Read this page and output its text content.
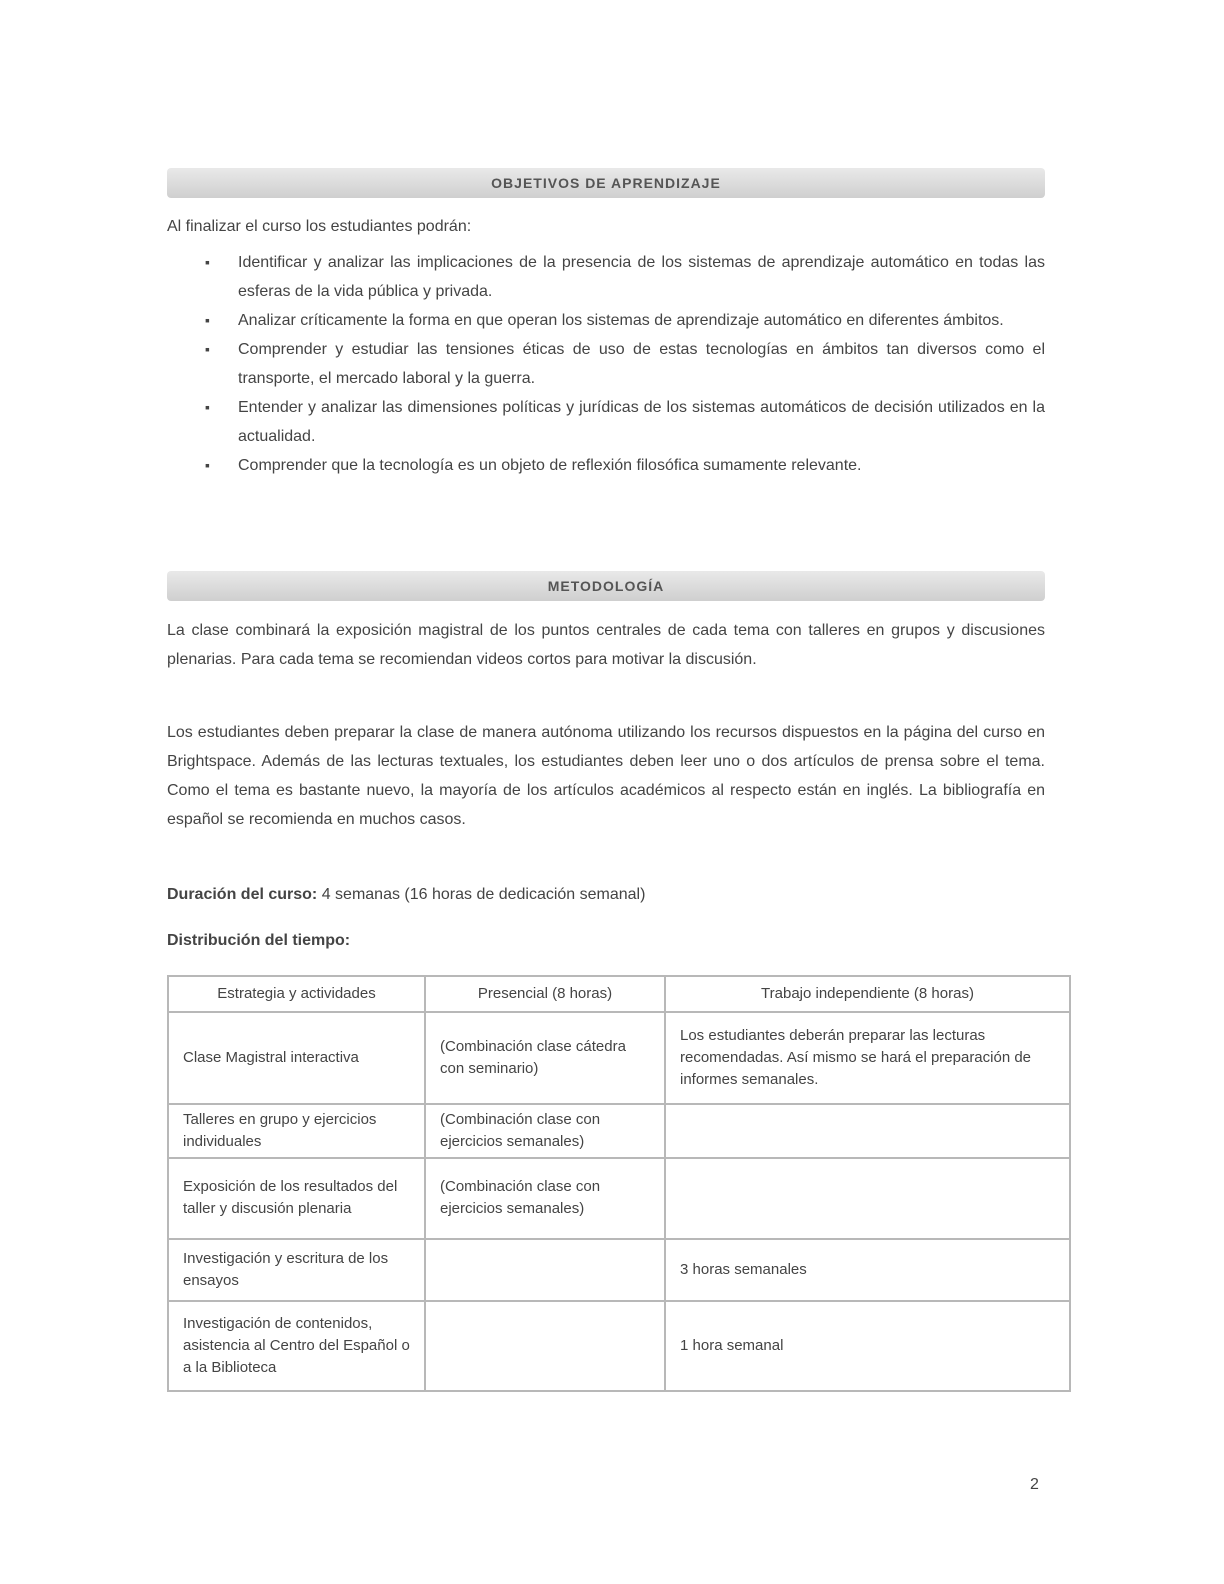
OBJETIVOS DE APRENDIZAJE

Al finalizar el curso los estudiantes podrán:

▪ Identificar y analizar las implicaciones de la presencia de los sistemas de aprendizaje automático en todas las esferas de la vida pública y privada.
▪ Analizar críticamente la forma en que operan los sistemas de aprendizaje automático en diferentes ámbitos.
▪ Comprender y estudiar las tensiones éticas de uso de estas tecnologías en ámbitos tan diversos como el transporte, el mercado laboral y la guerra.
▪ Entender y analizar las dimensiones políticas y jurídicas de los sistemas automáticos de decisión utilizados en la actualidad.
▪ Comprender que la tecnología es un objeto de reflexión filosófica sumamente relevante.
METODOLOGÍA

La clase combinará la exposición magistral de los puntos centrales de cada tema con talleres en grupos y discusiones plenarias. Para cada tema se recomiendan videos cortos para motivar la discusión.

Los estudiantes deben preparar la clase de manera autónoma utilizando los recursos dispuestos en la página del curso en Brightspace. Además de las lecturas textuales, los estudiantes deben leer uno o dos artículos de prensa sobre el tema. Como el tema es bastante nuevo, la mayoría de los artículos académicos al respecto están en inglés. La bibliografía en español se recomienda en muchos casos.

Duración del curso: 4 semanas (16 horas de dedicación semanal)

Distribución del tiempo:

Estrategia y actividades	Presencial (8 horas)	Trabajo independiente (8 horas)
Clase Magistral interactiva	(Combinación clase cátedra con seminario)	Los estudiantes deberán preparar las lecturas recomendadas. Así mismo se hará el preparación de informes semanales.
Talleres en grupo y ejercicios individuales	(Combinación clase con ejercicios semanales)	
Exposición de los resultados del taller y discusión plenaria	(Combinación clase con ejercicios semanales)	
Investigación y escritura de los ensayos		3 horas semanales
Investigación de contenidos, asistencia al Centro del Español o a la Biblioteca		1 hora semanal
2
